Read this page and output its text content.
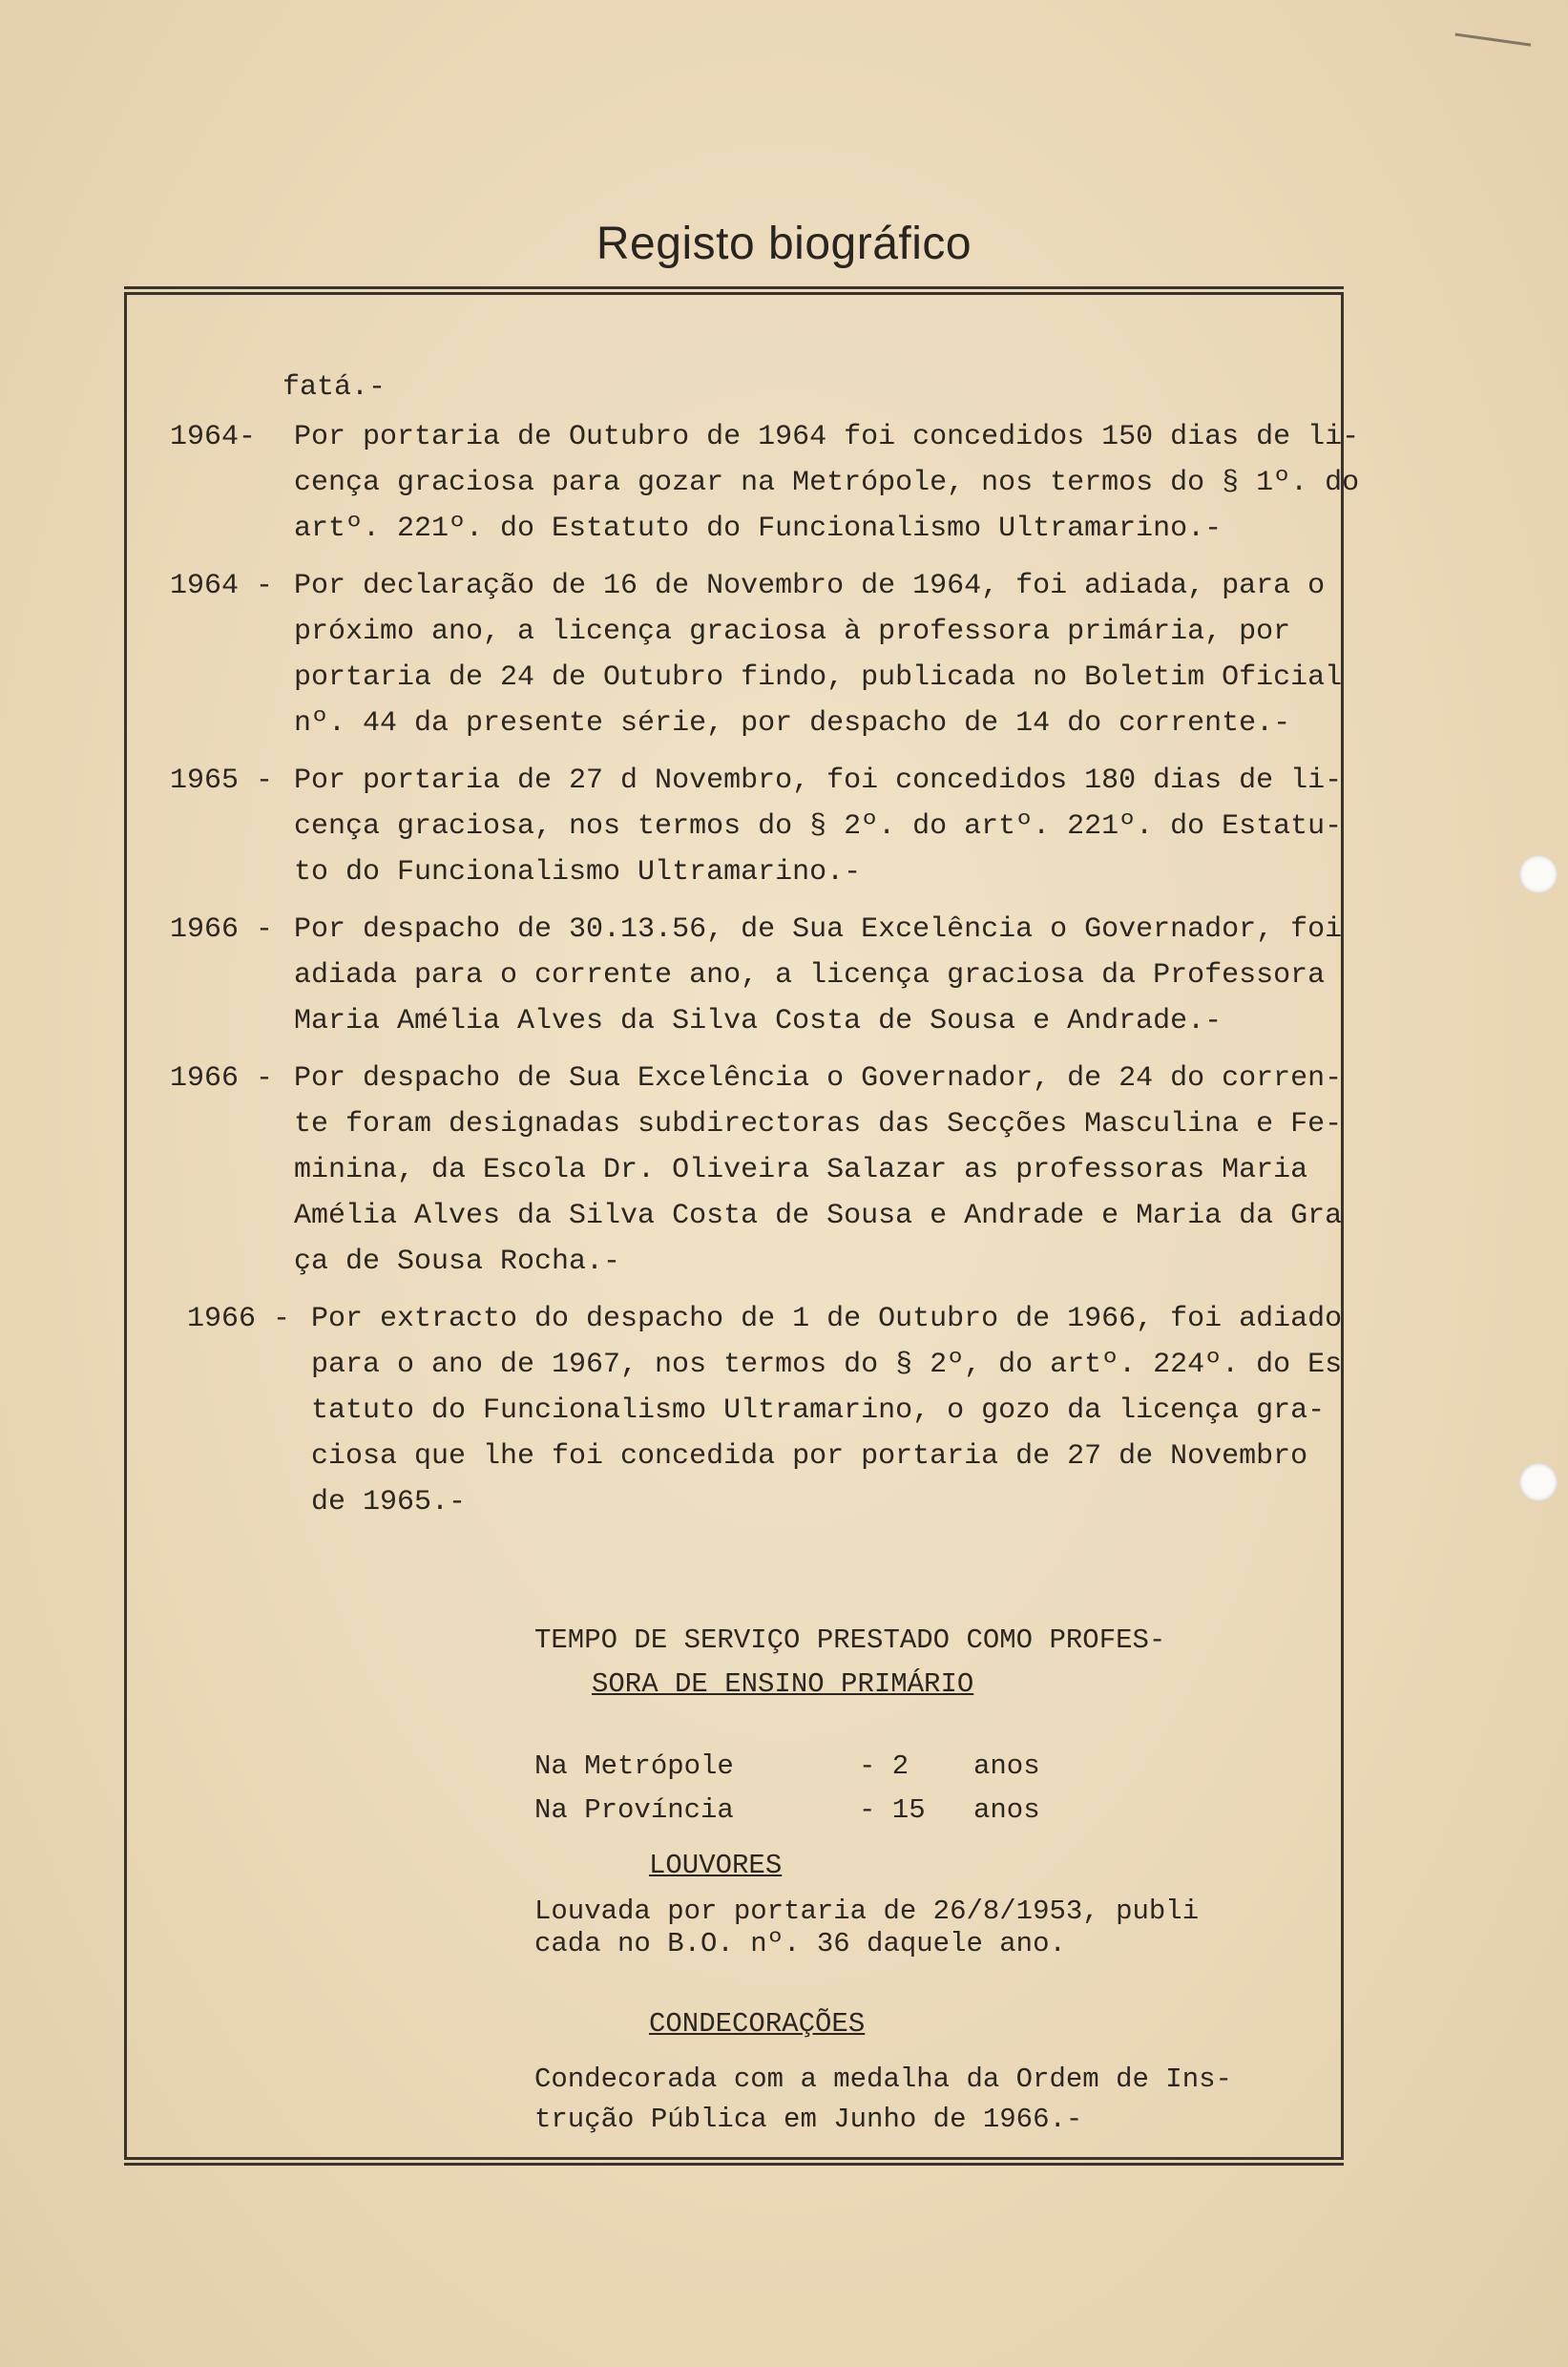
Registo biográfico
fatá.-
1964-	Por portaria de Outubro de 1964 foi concedidos 150 dias de li-
cença graciosa para gozar na Metrópole, nos termos do § 1º. do
artº. 221º. do Estatuto do Funcionalismo Ultramarino.-
1964 - Por declaração de 16 de Novembro de 1964, foi adiada, para o
próximo ano, a licença graciosa à professora primária, por
portaria de 24 de Outubro findo, publicada no Boletim Oficial
nº. 44 da presente série, por despacho de 14 do corrente.-
1965 - Por portaria de 27 d Novembro, foi concedidos 180 dias de li-
cença graciosa, nos termos do § 2º. do artº. 221º. do Estatu-
to do Funcionalismo Ultramarino.-
1966 - Por despacho de 30.13.56, de Sua Excelência o Governador, foi
adiada para o corrente ano, a licença graciosa da Professora
Maria Amélia Alves da Silva Costa de Sousa e Andrade.-
1966 - Por despacho de Sua Excelência o Governador, de 24 do corren-
te foram designadas subdirectoras das Secções Masculina e Fe-
minina, da Escola Dr. Oliveira Salazar as professoras Maria
Amélia Alves da Silva Costa de Sousa e Andrade e Maria da Gra
ça de Sousa Rocha.-
1966 - Por extracto do despacho de 1 de Outubro de 1966, foi adiado
para o ano de 1967, nos termos do § 2º, do artº. 224º. do Es
tatuto do Funcionalismo Ultramarino, o gozo da licença gra-
ciosa que lhe foi concedida por portaria de 27 de Novembro
de 1965.-
TEMPO DE SERVIÇO PRESTADO COMO PROFES-
SORA DE ENSINO PRIMÁRIO
Na Metrópole	- 2	anos
Na Província	- 15	anos
LOUVORES
Louvada por portaria de 26/8/1953, publi
cada no B.O. nº. 36 daquele ano.
CONDECORAÇÕES
Condecorada com a medalha da Ordem de Ins-
trução Pública em Junho de 1966.-
